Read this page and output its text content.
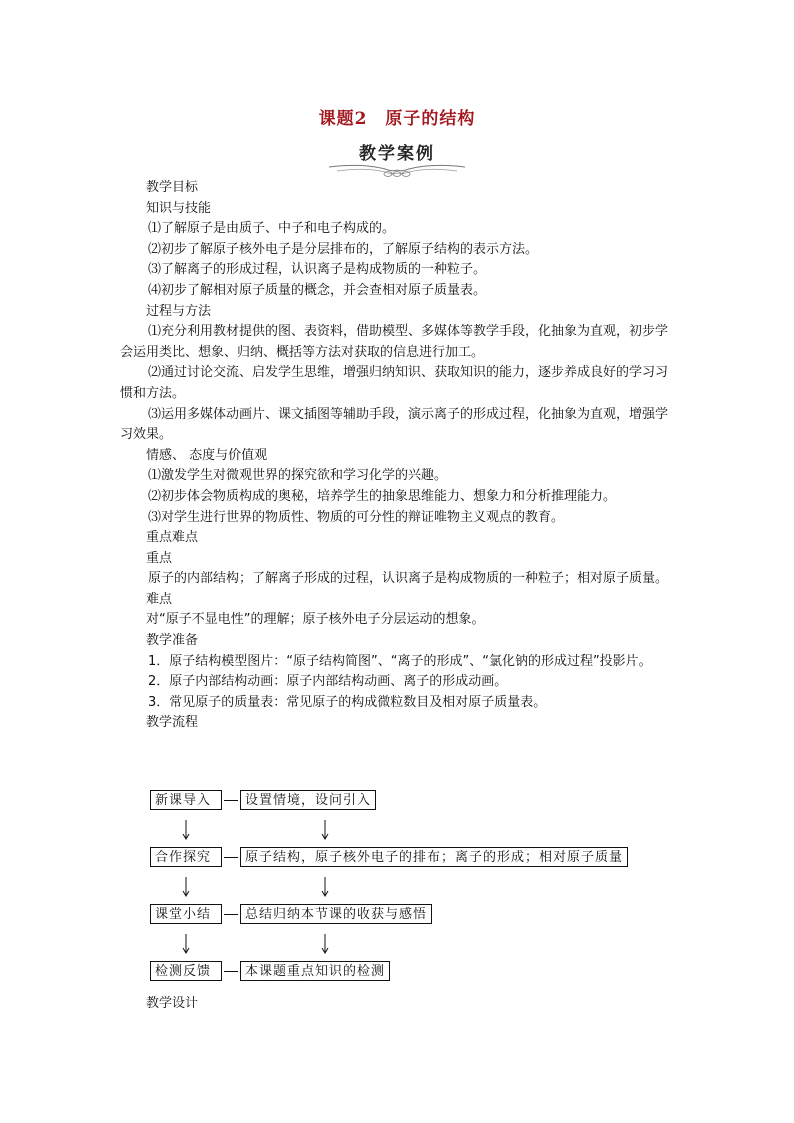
课题2　原子的结构
教学案例

教学目标

知识与技能

⑴了解原子是由质子、中子和电子构成的。

⑵初步了解原子核外电子是分层排布的，了解原子结构的表示方法。

⑶了解离子的形成过程，认识离子是构成物质的一种粒子。

⑷初步了解相对原子质量的概念，并会查相对原子质量表。

过程与方法

⑴充分利用教材提供的图、表资料，借助模型、多媒体等教学手段，化抽象为直观，初步学会运用类比、想象、归纳、概括等方法对获取的信息进行加工。

⑵通过讨论交流、启发学生思维，增强归纳知识、获取知识的能力，逐步养成良好的学习习惯和方法。

⑶运用多媒体动画片、课文插图等辅助手段，演示离子的形成过程，化抽象为直观，增强学习效果。

情感、 态度与价值观

⑴激发学生对微观世界的探究欲和学习化学的兴趣。

⑵初步体会物质构成的奥秘，培养学生的抽象思维能力、想象力和分析推理能力。

⑶对学生进行世界的物质性、物质的可分性的辩证唯物主义观点的教育。

重点难点

重点

原子的内部结构；了解离子形成的过程，认识离子是构成物质的一种粒子；相对原子质量。

难点

对“原子不显电性”的理解；原子核外电子分层运动的想象。

教学准备

1．原子结构模型图片：“原子结构简图”、“离子的形成”、“氯化钠的形成过程”投影片。

2．原子内部结构动画：原子内部结构动画、离子的形成动画。

3．常见原子的质量表：常见原子的构成微粒数目及相对原子质量表。

教学流程

新课导入	设置情境，设问引入
合作探究	原子结构，原子核外电子的排布；离子的形成；相对原子质量
课堂小结	总结归纳本节课的收获与感悟
检测反馈	本课题重点知识的检测
教学设计
